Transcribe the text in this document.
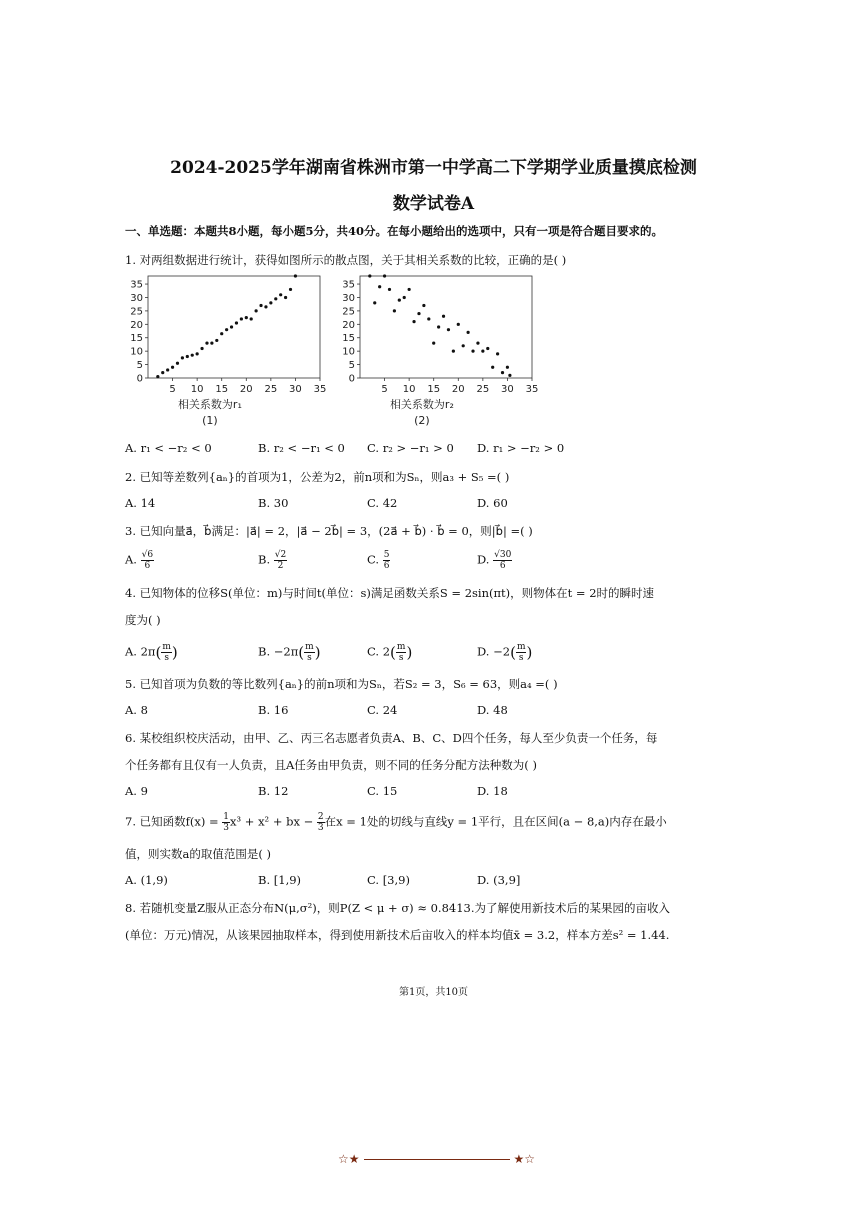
2024-2025学年湖南省株洲市第一中学高二下学期学业质量摸底检测
数学试卷A
一、单选题：本题共8小题，每小题5分，共40分。在每小题给出的选项中，只有一项是符合题目要求的。
1. 对两组数据进行统计，获得如图所示的散点图，关于其相关系数的比较，正确的是( )
0
5
10
15
20
25
30
35
5 10 15 20 25 30 35
相关系数为r₁
(1)
0
5
10
15
20
25
30
35
5 10 15 20 25 30 35
相关系数为r₂
(2)
A. r₁ < −r₂ < 0	B. r₂ < −r₁ < 0 C. r₂ > −r₁ > 0 D. r₁ > −r₂ > 0
2. 已知等差数列{aₙ}的首项为1，公差为2，前n项和为Sₙ，则a₃ + S₅ =( )
A. 14	B. 30	C. 42	D. 60
3. 已知向量a⃗，b⃗满足：|a⃗| = 2，|a⃗ − 2b⃗| = 3，(2a⃗ + b⃗) · b⃗ = 0，则|b⃗| =( )
A. $\frac{√6}{6}$	B. $\frac{√2}{2}$	C. $\frac{5}{6}$	D. $\frac{√30}{6}$
4. 已知物体的位移S(单位：m)与时间t(单位：s)满足函数关系S = 2sin(πt)，则物体在t = 2时的瞬时速
度为( )
A. $2\pi( \frac{m}{s}$ )	B. $-2\pi( \frac{m}{s}$ )	C. $2( \frac{m}{s}$ )	D. $-2( \frac{m}{s}$ )
5. 已知首项为负数的等比数列{aₙ}的前n项和为Sₙ，若S₂ = 3，S₆ = 63，则a₄ =( )
A. 8	B. 16	C. 24	D. 48
6. 某校组织校庆活动，由甲、乙、丙三名志愿者负责A、B、C、D四个任务，每人至少负责一个任务，每
个任务都有且仅有一人负责，且A任务由甲负责，则不同的任务分配方法种数为( )
A. 9	B. 12	C. 15	D. 18
7. 已知函数$f(x) = \frac{1}{3} x^3 + x^2$ + bx − $\frac{2}{3}$ 在x = 1处的切线与直线y = 1平行，且在区间(a − 8,a)内存在最小
值，则实数a的取值范围是( )
A. (1,9)	B. [1,9)	C. [3,9)	D. (3,9]
8. 若随机变量Z服从正态分布N(μ,σ²)，则P(Z < μ + σ) ≈ 0.8413.为了解使用新技术后的某果园的亩收入
(单位：万元)情况，从该果园抽取样本，得到使用新技术后亩收入的样本均值x̄ = 3.2，样本方差s² = 1.44.
第1页，共10页
☆★	★☆
